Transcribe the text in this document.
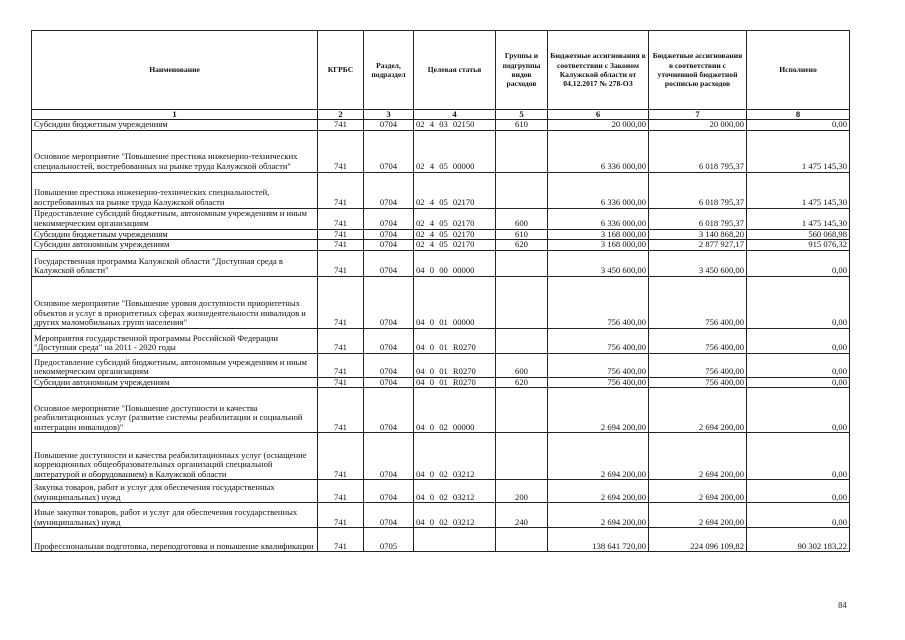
Наименование	КГРБС	Раздел, подраздел	Целевая статья	Группы и подгруппы видов расходов	Бюджетные ассигнования в соответствии с Законом Калужской области от 04.12.2017 № 278-ОЗ	Бюджетные ассигнования в соответствии с уточненной бюджетной росписью расходов	Исполнено
1	2	3	4	5	6	7	8
Субсидии бюджетным учреждениям	741	0704	02 4 03 02150	610	20 000,00	20 000,00	0,00
Основное мероприятие "Повышение престижа инженерно-технических специальностей, востребованных на рынке труда Калужской области"	741	0704	02 4 05 00000		6 336 000,00	6 018 795,37	1 475 145,30
Повышение престижа инженерно-технических специальностей, востребованных на рынке труда Калужской области	741	0704	02 4 05 02170		6 336 000,00	6 018 795,37	1 475 145,30
Предоставление субсидий бюджетным, автономным учреждениям и иным некоммерческим организациям	741	0704	02 4 05 02170	600	6 336 000,00	6 018 795,37	1 475 145,30
Субсидии бюджетным учреждениям	741	0704	02 4 05 02170	610	3 168 000,00	3 140 868,20	560 068,98
Субсидии автономным учреждениям	741	0704	02 4 05 02170	620	3 168 000,00	2 877 927,17	915 076,32
Государственная программа Калужской области "Доступная среда в Калужской области"	741	0704	04 0 00 00000		3 450 600,00	3 450 600,00	0,00
Основное мероприятие "Повышение уровня доступности приоритетных объектов и услуг в приоритетных сферах жизнедеятельности инвалидов и других маломобильных групп населения"	741	0704	04 0 01 00000		756 400,00	756 400,00	0,00
Мероприятия государственной программы Российской Федерации "Доступная среда" на 2011 - 2020 годы	741	0704	04 0 01 R0270		756 400,00	756 400,00	0,00
Предоставление субсидий бюджетным, автономным учреждениям и иным некоммерческим организациям	741	0704	04 0 01 R0270	600	756 400,00	756 400,00	0,00
Субсидии автономным учреждениям	741	0704	04 0 01 R0270	620	756 400,00	756 400,00	0,00
Основное мероприятие "Повышение доступности и качества реабилитационных услуг (развитие системы реабилитации и социальной интеграции инвалидов)"	741	0704	04 0 02 00000		2 694 200,00	2 694 200,00	0,00
Повышение доступности и качества реабилитационных услуг (оснащение коррекционных общеобразовательных организаций специальной литературой и оборудованием) в Калужской области	741	0704	04 0 02 03212		2 694 200,00	2 694 200,00	0,00
Закупка товаров, работ и услуг для обеспечения государственных (муниципальных) нужд	741	0704	04 0 02 03212	200	2 694 200,00	2 694 200,00	0,00
Иные закупки товаров, работ и услуг для обеспечения государственных (муниципальных) нужд	741	0704	04 0 02 03212	240	2 694 200,00	2 694 200,00	0,00
Профессиональная подготовка, переподготовка и повышение квалификации	741	0705			138 641 720,00	224 096 109,82	90 302 183,22
84
